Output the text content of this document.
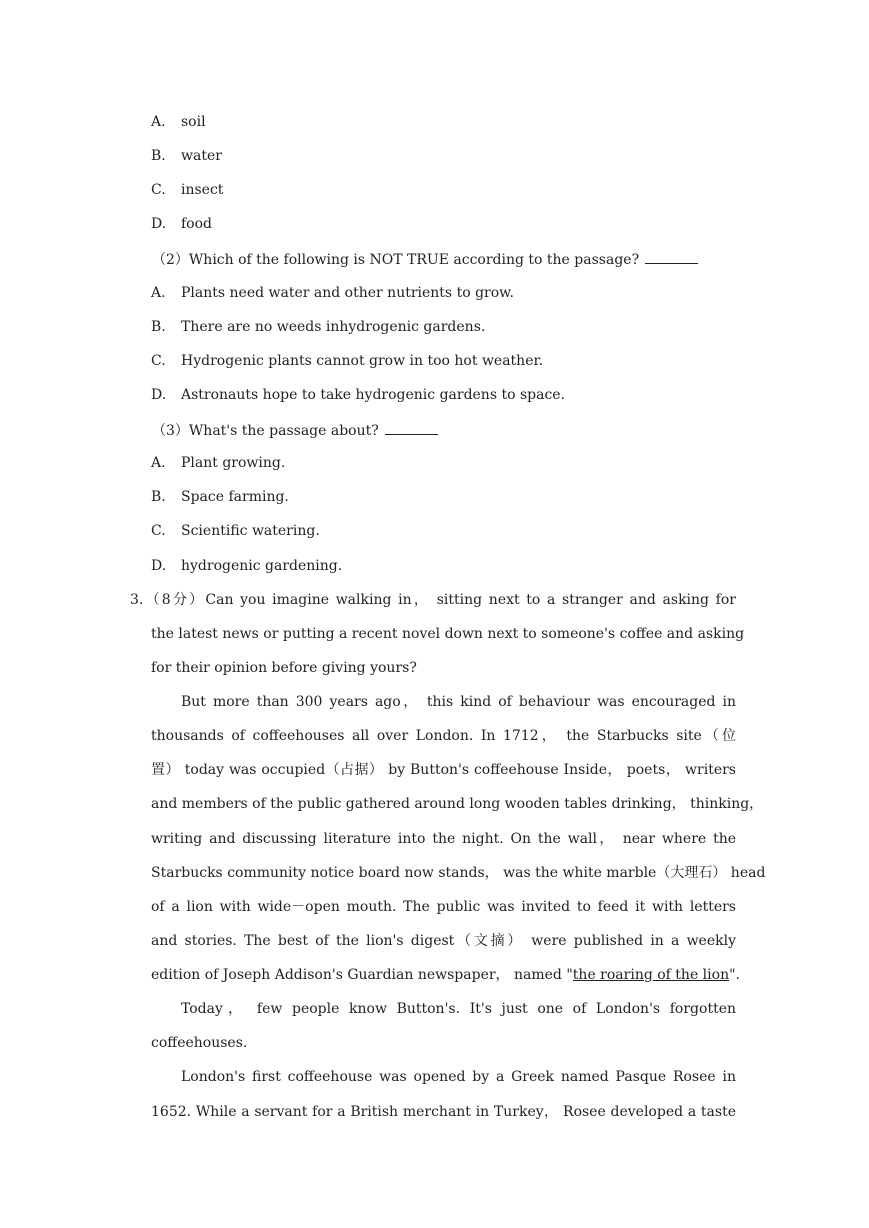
A. soil
B. water
C. insect
D. food
（2）Which of the following is NOT TRUE according to the passage?
A. Plants need water and other nutrients to grow.
B. There are no weeds inhydrogenic gardens.
C. Hydrogenic plants cannot grow in too hot weather.
D. Astronauts hope to take hydrogenic gardens to space.
（3）What's the passage about?
A. Plant growing.
B. Space farming.
C. Scientific watering.
D. hydrogenic gardening.
3.（8分）Can you imagine walking in， sitting next to a stranger and asking for
the latest news or putting a recent novel down next to someone's coffee and asking
for their opinion before giving yours?
But more than 300 years ago， this kind of behaviour was encouraged in
thousands of coffeehouses all over London. In 1712， the Starbucks site（位
置） today was occupied（占据） by Button's coffeehouse Inside， poets， writers
and members of the public gathered around long wooden tables drinking， thinking，
writing and discussing literature into the night. On the wall， near where the
Starbucks community notice board now stands， was the white marble（大理石） head
of a lion with wide－open mouth. The public was invited to feed it with letters
and stories. The best of the lion's digest（文摘） were published in a weekly
edition of Joseph Addison's Guardian newspaper， named "the roaring of the lion".
Today， few people know Button's. It's just one of London's forgotten
coffeehouses.
London's first coffeehouse was opened by a Greek named Pasque Rosee in
1652. While a servant for a British merchant in Turkey， Rosee developed a taste
